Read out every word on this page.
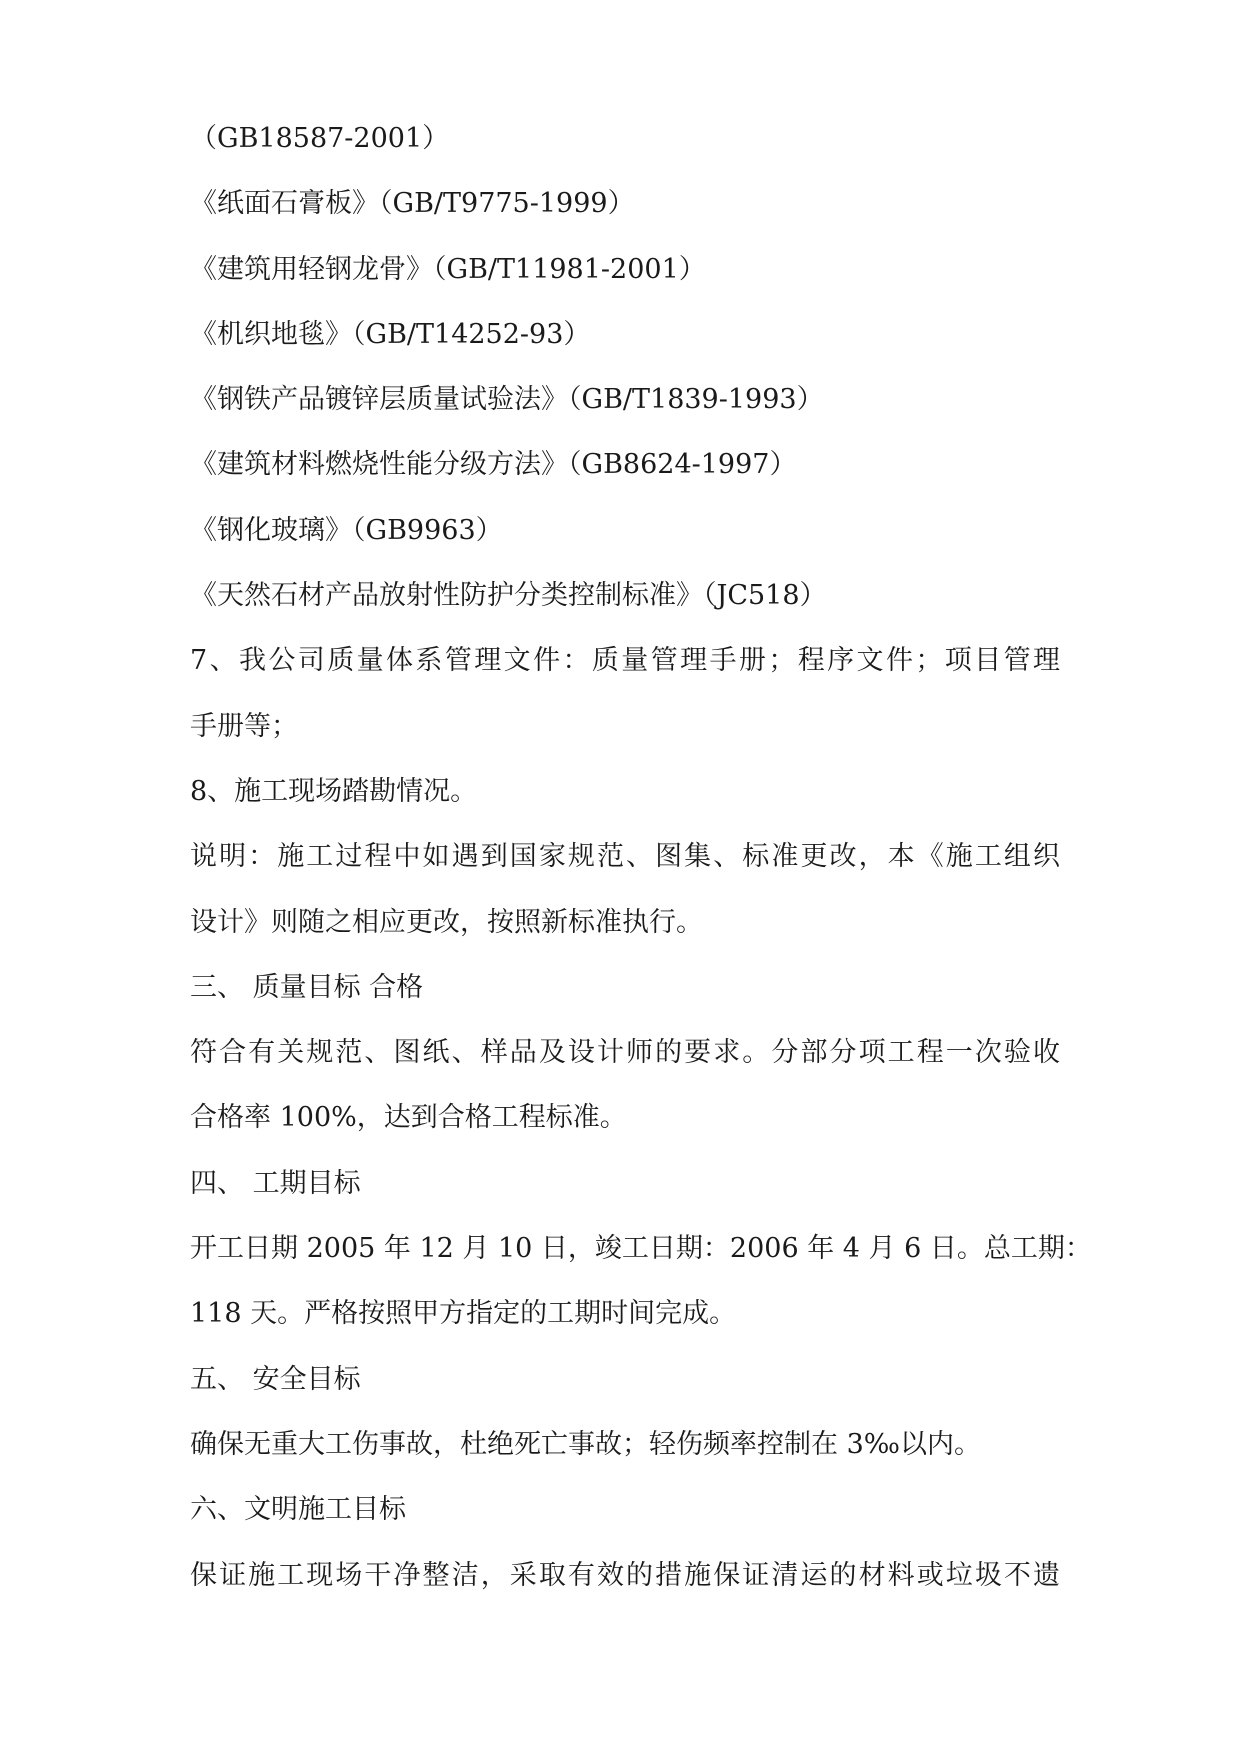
（GB18587-2001）

《纸面石膏板》（GB/T9775-1999）

《建筑用轻钢龙骨》（GB/T11981-2001）

《机织地毯》（GB/T14252-93）

《钢铁产品镀锌层质量试验法》（GB/T1839-1993）

《建筑材料燃烧性能分级方法》（GB8624-1997）

《钢化玻璃》（GB9963）

《天然石材产品放射性防护分类控制标准》（JC518）

7、我公司质量体系管理文件：质量管理手册；程序文件；项目管理

手册等；

8、施工现场踏勘情况。

说明：施工过程中如遇到国家规范、图集、标准更改，本《施工组织

设计》则随之相应更改，按照新标准执行。

三、 质量目标 合格

符合有关规范、图纸、样品及设计师的要求。分部分项工程一次验收

合格率 100%，达到合格工程标准。

四、 工期目标

开工日期 2005 年 12 月 10 日，竣工日期：2006 年 4 月 6 日。总工期：

118 天。严格按照甲方指定的工期时间完成。

五、 安全目标

确保无重大工伤事故，杜绝死亡事故；轻伤频率控制在 3‰以内。

六、文明施工目标

保证施工现场干净整洁，采取有效的措施保证清运的材料或垃圾不遗
